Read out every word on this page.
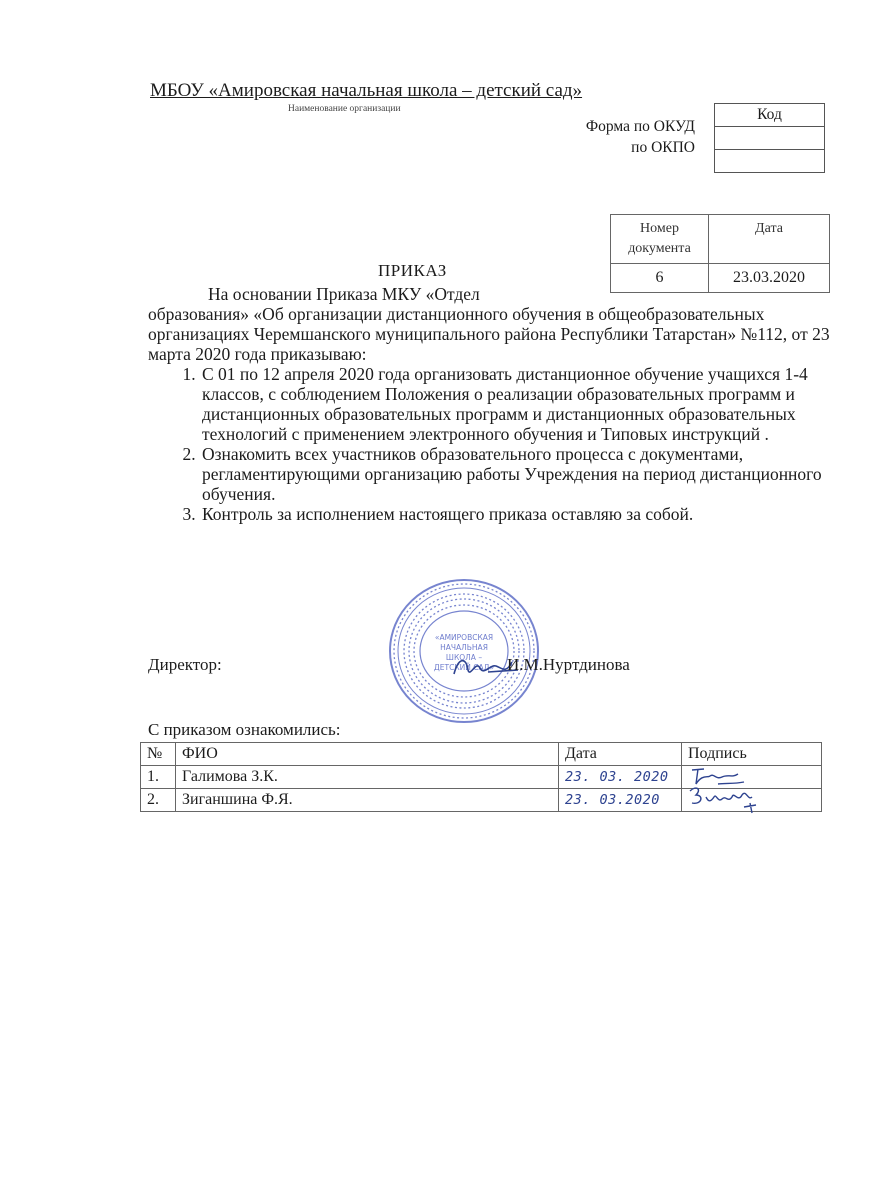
МБОУ «Амировская начальная школа – детский сад»
Наименование организации
Форма по ОКУД
по ОКПО
Код

Номер документа	Дата
6	23.03.2020
ПРИКАЗ
На основании Приказа МКУ «Отдел
образования» «Об организации дистанционного обучения в общеобразовательных организациях Черемшанского муниципального района Республики Татарстан» №112, от 23 марта 2020 года приказываю:
1. С 01 по 12 апреля 2020 года организовать дистанционное обучение учащихся 1-4 классов, с соблюдением Положения о реализации образовательных программ и дистанционных образовательных программ и дистанционных образовательных технологий с применением электронного обучения и Типовых инструкций .
2. Ознакомить всех участников образовательного процесса с документами, регламентирующими организацию работы Учреждения на период дистанционного обучения.
3. Контроль за исполнением настоящего приказа оставляю за собой.
«АМИРОВСКАЯ
НАЧАЛЬНАЯ
ШКОЛА –
ДЕТСКИЙ САД»
Директор:	И.М.Нуртдинова
С приказом ознакомились:
№	ФИО	Дата	Подпись
1.	Галимова З.К.	23. 03. 2020	

2.	Зиганшина Ф.Я.	23. 03.2020	
